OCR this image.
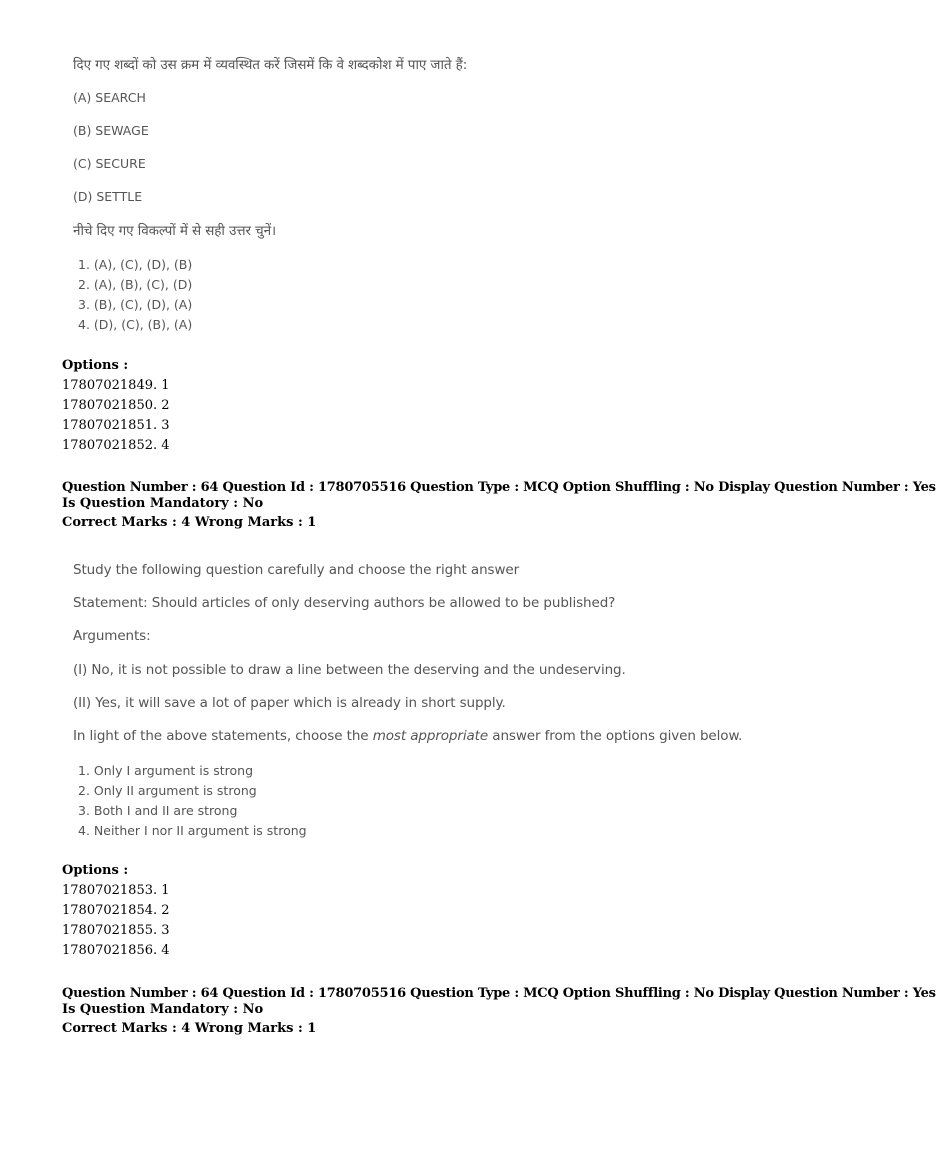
दिए गए शब्दों को उस क्रम में व्यवस्थित करें जिसमें कि वे शब्दकोश में पाए जाते हैं:
(A) SEARCH
(B) SEWAGE
(C) SECURE
(D) SETTLE
नीचे दिए गए विकल्पों में से सही उत्तर चुनें।
1. (A), (C), (D), (B)
2. (A), (B), (C), (D)
3. (B), (C), (D), (A)
4. (D), (C), (B), (A)
Options :
17807021849. 1
17807021850. 2
17807021851. 3
17807021852. 4
Question Number : 64 Question Id : 1780705516 Question Type : MCQ Option Shuffling : No Display Question Number : Yes
Is Question Mandatory : No
Correct Marks : 4 Wrong Marks : 1
Study the following question carefully and choose the right answer
Statement: Should articles of only deserving authors be allowed to be published?
Arguments:
(I) No, it is not possible to draw a line between the deserving and the undeserving.
(II) Yes, it will save a lot of paper which is already in short supply.
In light of the above statements, choose the most appropriate answer from the options given below.
1. Only I argument is strong
2. Only II argument is strong
3. Both I and II are strong
4. Neither I nor II argument is strong
Options :
17807021853. 1
17807021854. 2
17807021855. 3
17807021856. 4
Question Number : 64 Question Id : 1780705516 Question Type : MCQ Option Shuffling : No Display Question Number : Yes
Is Question Mandatory : No
Correct Marks : 4 Wrong Marks : 1
